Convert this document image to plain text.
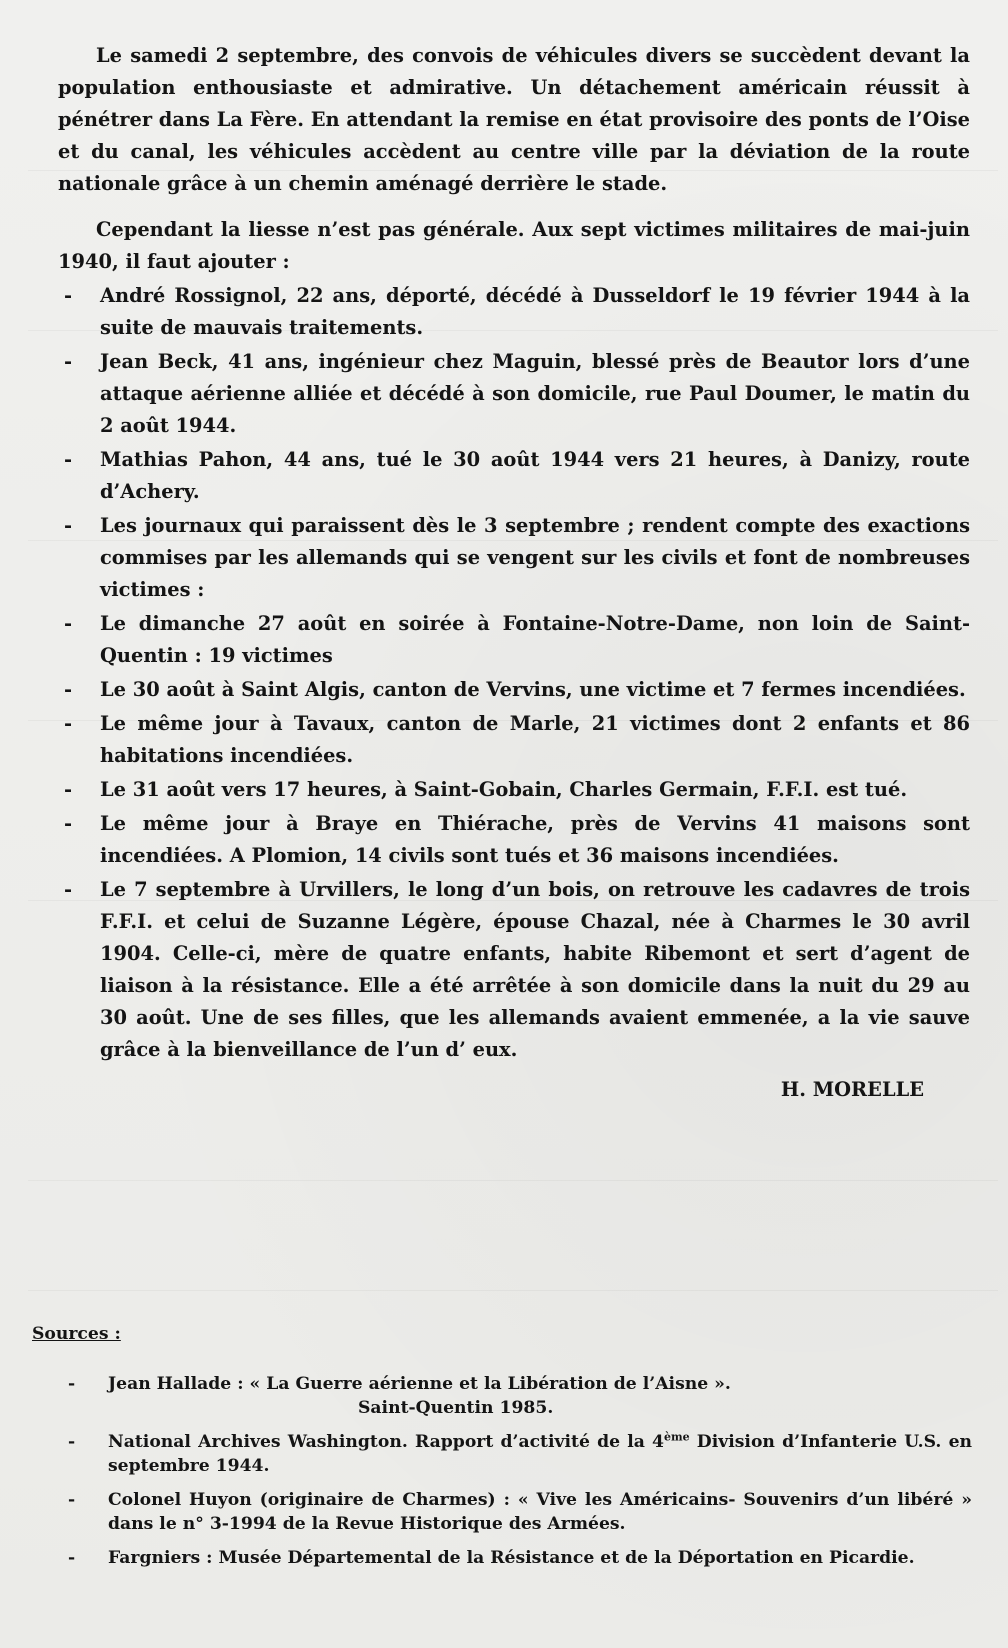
Le samedi 2 septembre, des convois de véhicules divers se succèdent devant la population enthousiaste et admirative. Un détachement américain réussit à pénétrer dans La Fère. En attendant la remise en état provisoire des ponts de l’Oise et du canal, les véhicules accèdent au centre ville par la déviation de la route nationale grâce à un chemin aménagé derrière le stade.

Cependant la liesse n’est pas générale. Aux sept victimes militaires de mai-juin 1940, il faut ajouter :

- André Rossignol, 22 ans, déporté, décédé à Dusseldorf le 19 février 1944 à la suite de mauvais traitements.
- Jean Beck, 41 ans, ingénieur chez Maguin, blessé près de Beautor lors d’une attaque aérienne alliée et décédé à son domicile, rue Paul Doumer, le matin du 2 août 1944.
- Mathias Pahon, 44 ans, tué le 30 août 1944 vers 21 heures, à Danizy, route d’Achery.
- Les journaux qui paraissent dès le 3 septembre ; rendent compte des exactions commises par les allemands qui se vengent sur les civils et font de nombreuses victimes :
- Le dimanche 27 août en soirée à Fontaine-Notre-Dame, non loin de Saint-Quentin : 19 victimes
- Le 30 août à Saint Algis, canton de Vervins, une victime et 7 fermes incendiées.
- Le même jour à Tavaux, canton de Marle, 21 victimes dont 2 enfants et 86 habitations incendiées.
- Le 31 août vers 17 heures, à Saint-Gobain, Charles Germain, F.F.I. est tué.
- Le même jour à Braye en Thiérache, près de Vervins 41 maisons sont incendiées. A Plomion, 14 civils sont tués et 36 maisons incendiées.
- Le 7 septembre à Urvillers, le long d’un bois, on retrouve les cadavres de trois F.F.I. et celui de Suzanne Légère, épouse Chazal, née à Charmes le 30 avril 1904. Celle-ci, mère de quatre enfants, habite Ribemont et sert d’agent de liaison à la résistance. Elle a été arrêtée à son domicile dans la nuit du 29 au 30 août. Une de ses filles, que les allemands avaient emmenée, a la vie sauve grâce à la bienveillance de l’un d’ eux.
H. MORELLE
Sources :
- Jean Hallade : « La Guerre aérienne et la Libération de l’Aisne ».
Saint-Quentin 1985.
- National Archives Washington. Rapport d’activité de la 4ème Division d’Infanterie U.S. en septembre 1944.
- Colonel Huyon (originaire de Charmes) : « Vive les Américains- Souvenirs d’un libéré » dans le n° 3-1994 de la Revue Historique des Armées.
- Fargniers : Musée Départemental de la Résistance et de la Déportation en Picardie.
